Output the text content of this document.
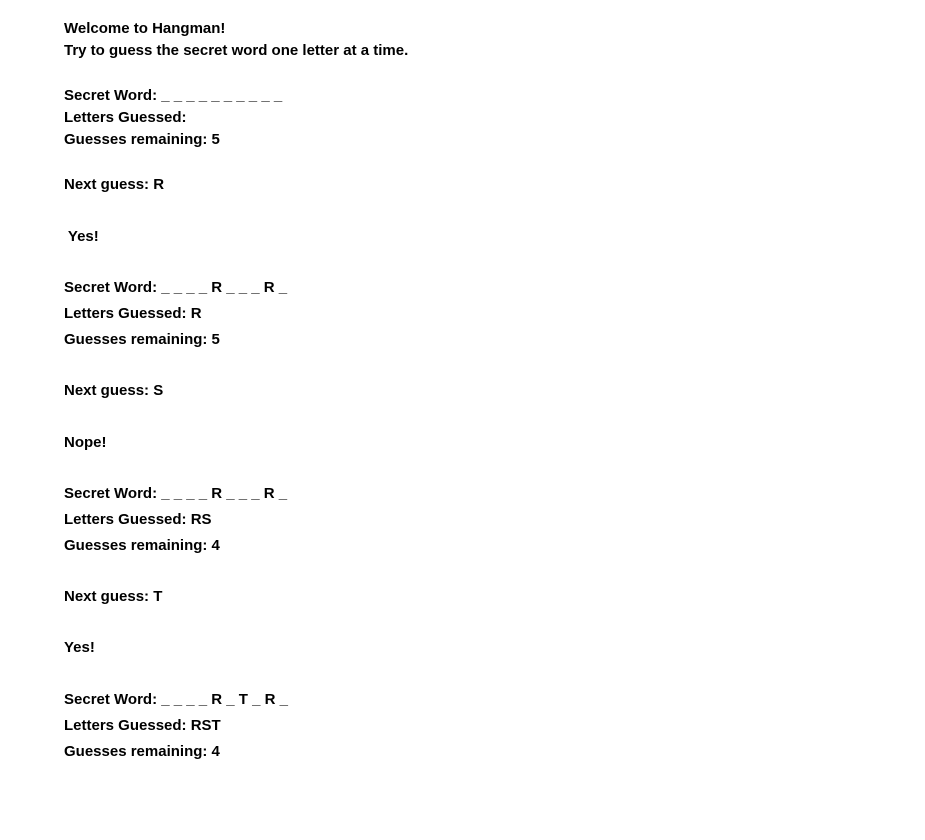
Welcome to Hangman!
Try to guess the secret word one letter at a time.
Secret Word: _ _ _ _ _ _ _ _ _ _
Letters Guessed:
Guesses remaining: 5
Next guess: R
Yes!
Secret Word: _ _ _ _ R _ _ _ R _
Letters Guessed: R
Guesses remaining: 5
Next guess: S
Nope!
Secret Word: _ _ _ _ R _ _ _ R _
Letters Guessed: RS
Guesses remaining: 4
Next guess: T
Yes!
Secret Word: _ _ _ _ R _ T _ R _
Letters Guessed: RST
Guesses remaining: 4
